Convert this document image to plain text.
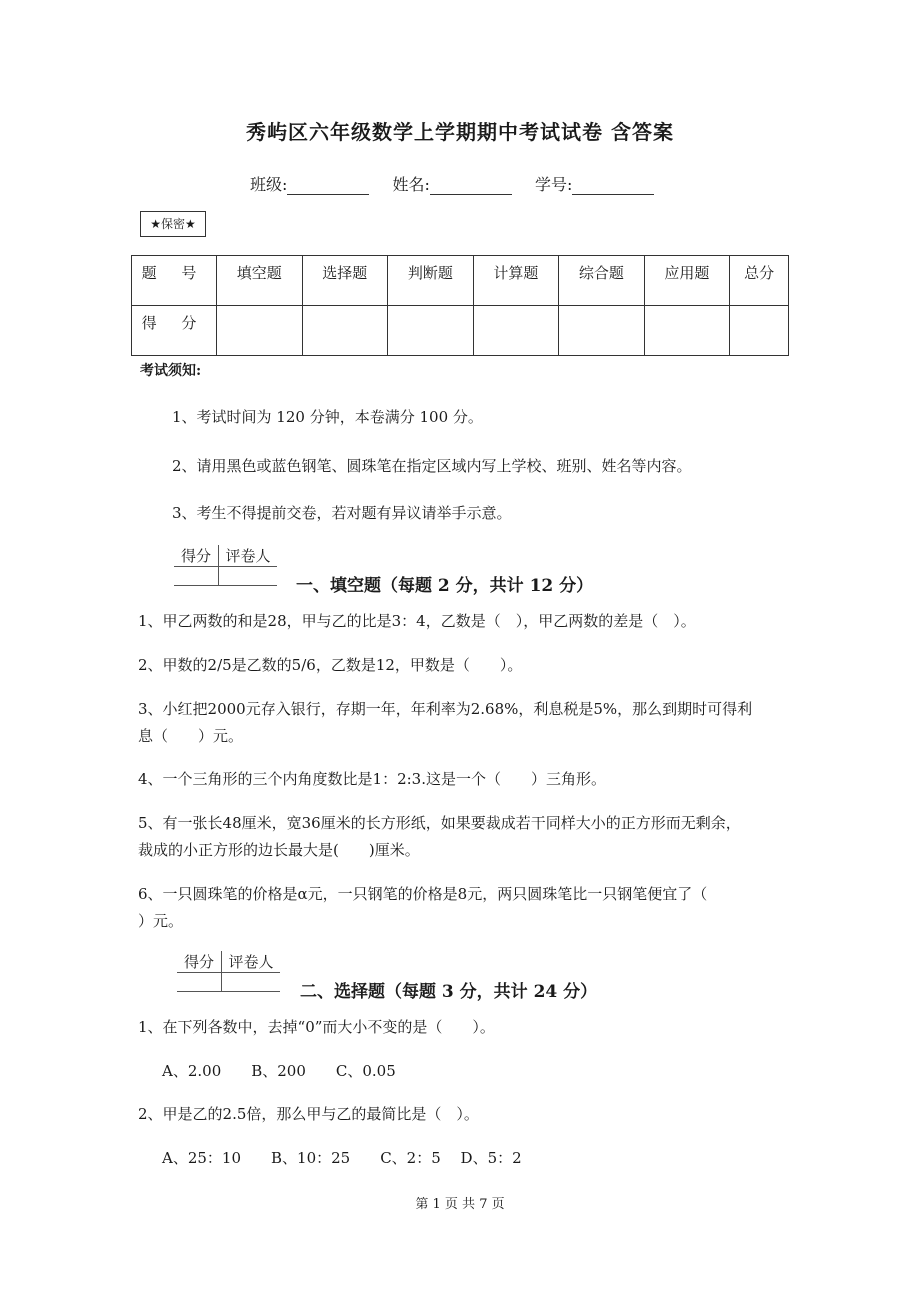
秀屿区六年级数学上学期期中考试试卷 含答案
班级:	姓名:	学号:
★保密★
题 号	填空题	选择题	判断题	计算题	综合题	应用题	总分
得 分							
考试须知:
1、考试时间为 120 分钟，本卷满分 100 分。
2、请用黑色或蓝色钢笔、圆珠笔在指定区域内写上学校、班别、姓名等内容。
3、考生不得提前交卷，若对题有异议请举手示意。
得分	评卷人

一、填空题（每题 2 分，共计 12 分）
1、甲乙两数的和是28，甲与乙的比是3：4，乙数是（　），甲乙两数的差是（　）。
2、甲数的2/5是乙数的5/6，乙数是12，甲数是（　　）。
3、小红把2000元存入银行，存期一年，年利率为2.68%，利息税是5%，那么到期时可得利
息（　　）元。
4、一个三角形的三个内角度数比是1：2:3.这是一个（　　）三角形。
5、有一张长48厘米，宽36厘米的长方形纸，如果要裁成若干同样大小的正方形而无剩余，
裁成的小正方形的边长最大是(　　)厘米。
6、一只圆珠笔的价格是α元，一只钢笔的价格是8元，两只圆珠笔比一只钢笔便宜了（
）元。
得分	评卷人

二、选择题（每题 3 分，共计 24 分）
1、在下列各数中，去掉“0”而大小不变的是（　　）。
A、2.00　　B、200　　C、0.05
2、甲是乙的2.5倍，那么甲与乙的最简比是（　）。
A、25：10　　B、10：25　　C、2：5　 D、5：2
第 1 页 共 7 页
